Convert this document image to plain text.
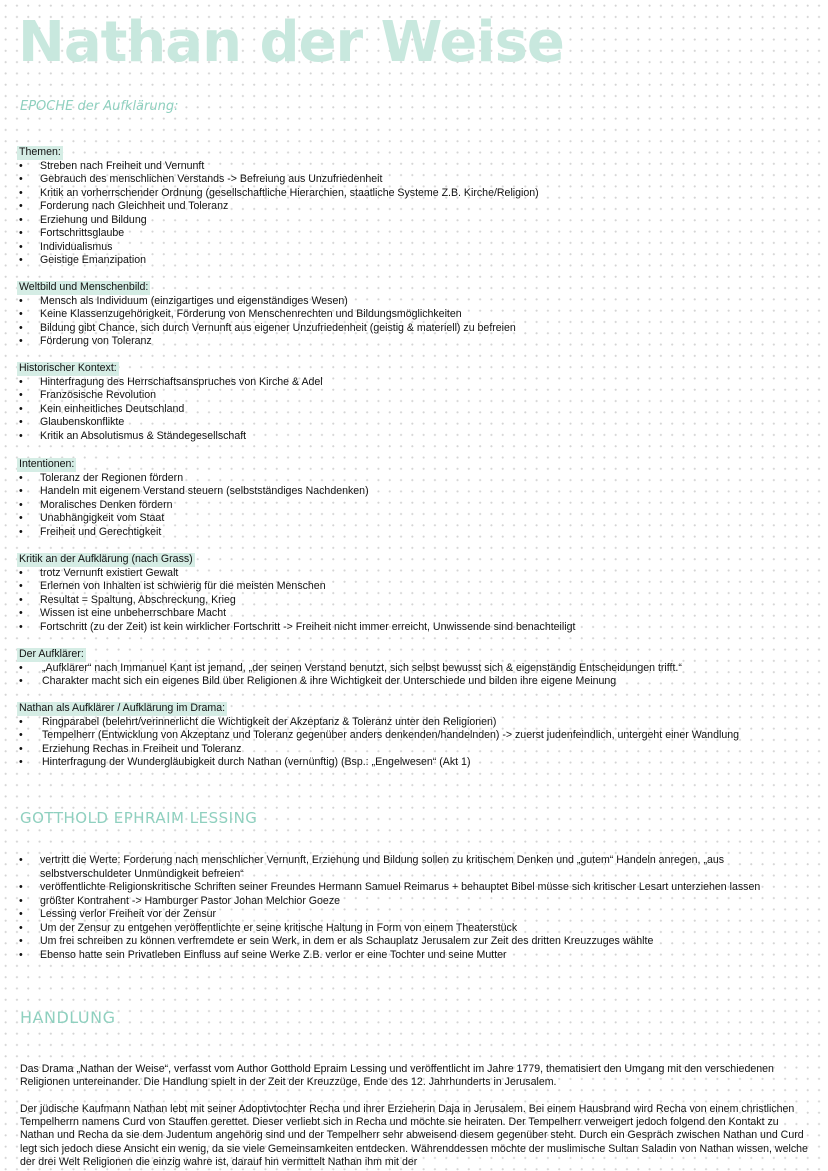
Nathan der Weise
EPOCHE der Aufklärung:
Themen:
• Streben nach Freiheit und Vernunft
• Gebrauch des menschlichen Verstands -> Befreiung aus Unzufriedenheit
• Kritik an vorherrschender Ordnung (gesellschaftliche Hierarchien, staatliche Systeme Z.B. Kirche/Religion)
• Forderung nach Gleichheit und Toleranz
• Erziehung und Bildung
• Fortschrittsglaube
• Individualismus
• Geistige Emanzipation
Weltbild und Menschenbild:
• Mensch als Individuum (einzigartiges und eigenständiges Wesen)
• Keine Klassenzugehörigkeit, Förderung von Menschenrechten und Bildungsmöglichkeiten
• Bildung gibt Chance, sich durch Vernunft aus eigener Unzufriedenheit (geistig & materiell) zu befreien
• Förderung von Toleranz
Historischer Kontext:
• Hinterfragung des Herrschaftsanspruches von Kirche & Adel
• Französische Revolution
• Kein einheitliches Deutschland
• Glaubenskonflikte
• Kritik an Absolutismus & Ständegesellschaft
Intentionen:
• Toleranz der Regionen fördern
• Handeln mit eigenem Verstand steuern (selbstständiges Nachdenken)
• Moralisches Denken fördern
• Unabhängigkeit vom Staat
• Freiheit und Gerechtigkeit
Kritik an der Aufklärung (nach Grass)
• trotz Vernunft existiert Gewalt
• Erlernen von Inhalten ist schwierig für die meisten Menschen
• Resultat = Spaltung, Abschreckung, Krieg
• Wissen ist eine unbeherrschbare Macht
• Fortschritt (zu der Zeit) ist kein wirklicher Fortschritt -> Freiheit nicht immer erreicht, Unwissende sind benachteiligt
Der Aufklärer:
• „Aufklärer“ nach Immanuel Kant ist jemand, „der seinen Verstand benutzt, sich selbst bewusst sich & eigenständig Entscheidungen trifft.“
• Charakter macht sich ein eigenes Bild über Religionen & ihre Wichtigkeit der Unterschiede und bilden ihre eigene Meinung
Nathan als Aufklärer / Aufklärung im Drama:
• Ringparabel (belehrt/verinnerlicht die Wichtigkeit der Akzeptanz & Toleranz unter den Religionen)
• Tempelherr (Entwicklung von Akzeptanz und Toleranz gegenüber anders denkenden/handelnden) -> zuerst judenfeindlich, untergeht einer Wandlung
• Erziehung Rechas in Freiheit und Toleranz
• Hinterfragung der Wundergläubigkeit durch Nathan (vernünftig) (Bsp.: „Engelwesen“ (Akt 1)
GOTTHOLD EPHRAIM LESSING
• vertritt die Werte: Forderung nach menschlicher Vernunft, Erziehung und Bildung sollen zu kritischem Denken und „gutem“ Handeln anregen, „aus selbstverschuldeter Unmündigkeit befreien“
• veröffentlichte Religionskritische Schriften seiner Freundes Hermann Samuel Reimarus + behauptet Bibel müsse sich kritischer Lesart unterziehen lassen
• größter Kontrahent -> Hamburger Pastor Johan Melchior Goeze
• Lessing verlor Freiheit vor der Zensur
• Um der Zensur zu entgehen veröffentlichte er seine kritische Haltung in Form von einem Theaterstück
• Um frei schreiben zu können verfremdete er sein Werk, in dem er als Schauplatz Jerusalem zur Zeit des dritten Kreuzzuges wählte
• Ebenso hatte sein Privatleben Einfluss auf seine Werke Z.B. verlor er eine Tochter und seine Mutter
HANDLUNG

Das Drama „Nathan der Weise“, verfasst vom Author Gotthold Epraim Lessing und veröffentlicht im Jahre 1779, thematisiert den Umgang mit den verschiedenen Religionen untereinander. Die Handlung spielt in der Zeit der Kreuzzüge, Ende des 12. Jahrhunderts in Jerusalem.

Der jüdische Kaufmann Nathan lebt mit seiner Adoptivtochter Recha und ihrer Erzieherin Daja in Jerusalem. Bei einem Hausbrand wird Recha von einem christlichen Tempelherrn namens Curd von Stauffen gerettet. Dieser verliebt sich in Recha und möchte sie heiraten. Der Tempelherr verweigert jedoch folgend den Kontakt zu Nathan und Recha da sie dem Judentum angehörig sind und der Tempelherr sehr abweisend diesem gegenüber steht. Durch ein Gespräch zwischen Nathan und Curd legt sich jedoch diese Ansicht ein wenig, da sie viele Gemeinsamkeiten entdecken. Währenddessen möchte der muslimische Sultan Saladin von Nathan wissen, welche der drei Welt Religionen die einzig wahre ist, darauf hin vermittelt Nathan ihm mit der
